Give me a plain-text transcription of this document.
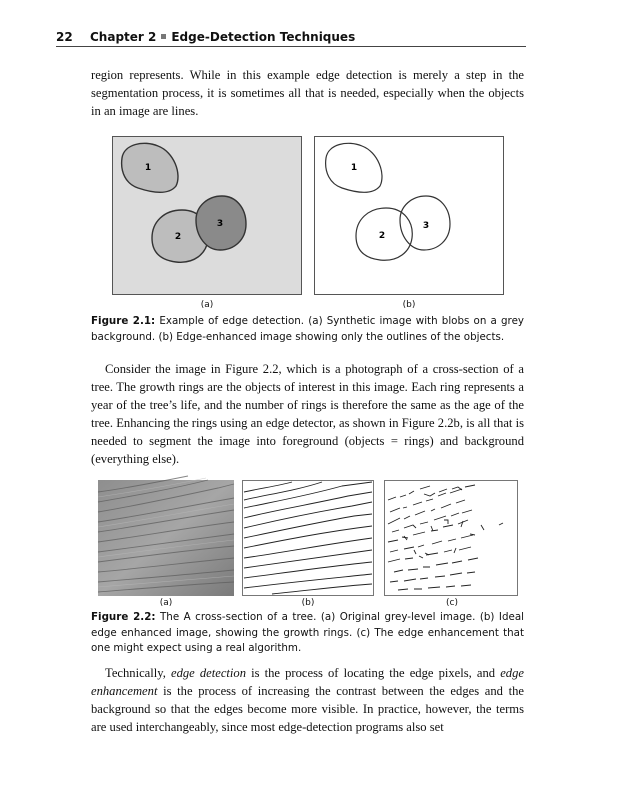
22 Chapter 2 Edge-Detection Techniques

region represents. While in this example edge detection is merely a step in the segmentation process, it is sometimes all that is needed, especially when the objects in an image are lines.

1
2
3
1
2
3
(a)	(b)

Figure 2.1: Example of edge detection. (a) Synthetic image with blobs on a grey background. (b) Edge-enhanced image showing only the outlines of the objects.

Consider the image in Figure 2.2, which is a photograph of a cross-section of a tree. The growth rings are the objects of interest in this image. Each ring represents a year of the tree’s life, and the number of rings is therefore the same as the age of the tree. Enhancing the rings using an edge detector, as shown in Figure 2.2b, is all that is needed to segment the image into foreground (objects = rings) and background (everything else).

(a)	(b)	(c)

Figure 2.2: The A cross-section of a tree. (a) Original grey-level image. (b) Ideal edge enhanced image, showing the growth rings. (c) The edge enhancement that one might expect using a real algorithm.

Technically, edge detection is the process of locating the edge pixels, and edge enhancement is the process of increasing the contrast between the edges and the background so that the edges become more visible. In practice, however, the terms are used interchangeably, since most edge-detection programs also set
